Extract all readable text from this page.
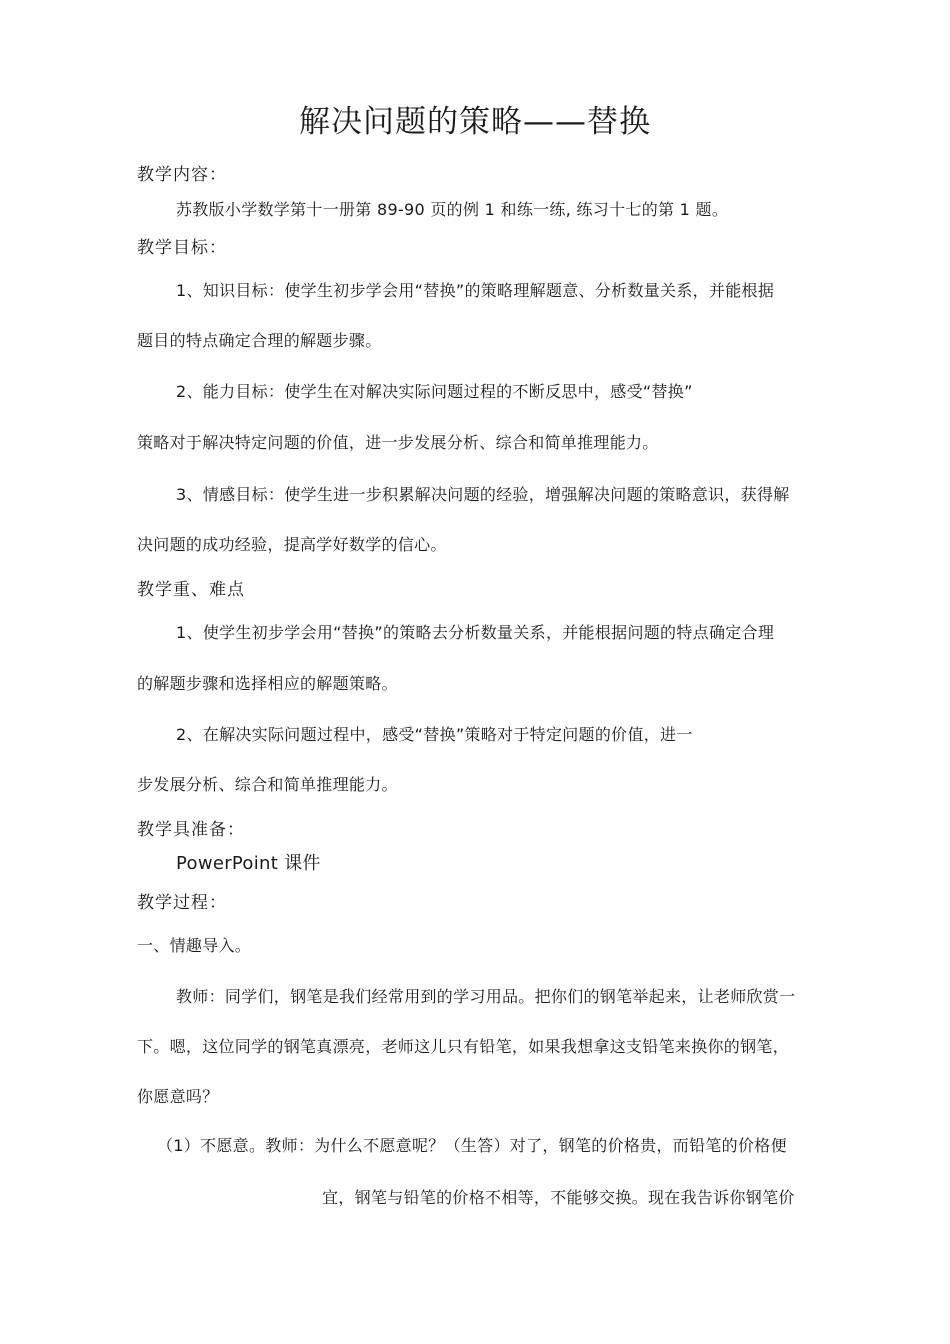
解决问题的策略——替换
教学内容：
苏教版小学数学第十一册第 89-90 页的例 1 和练一练, 练习十七的第 1 题。
教学目标：
1、知识目标：使学生初步学会用“替换”的策略理解题意、分析数量关系，并能根据
题目的特点确定合理的解题步骤。
2、能力目标：使学生在对解决实际问题过程的不断反思中，感受“替换”
策略对于解决特定问题的价值，进一步发展分析、综合和简单推理能力。
3、情感目标：使学生进一步积累解决问题的经验，增强解决问题的策略意识，获得解
决问题的成功经验，提高学好数学的信心。
教学重、难点
1、使学生初步学会用“替换”的策略去分析数量关系，并能根据问题的特点确定合理
的解题步骤和选择相应的解题策略。
2、在解决实际问题过程中，感受“替换”策略对于特定问题的价值，进一
步发展分析、综合和简单推理能力。
教学具准备：
PowerPoint 课件
教学过程：
一、情趣导入。
教师：同学们，钢笔是我们经常用到的学习用品。把你们的钢笔举起来，让老师欣赏一
下。嗯，这位同学的钢笔真漂亮，老师这儿只有铅笔，如果我想拿这支铅笔来换你的钢笔，
你愿意吗？
（1）不愿意。教师：为什么不愿意呢？（生答）对了，钢笔的价格贵，而铅笔的价格便
宜，钢笔与铅笔的价格不相等，不能够交换。现在我告诉你钢笔价
